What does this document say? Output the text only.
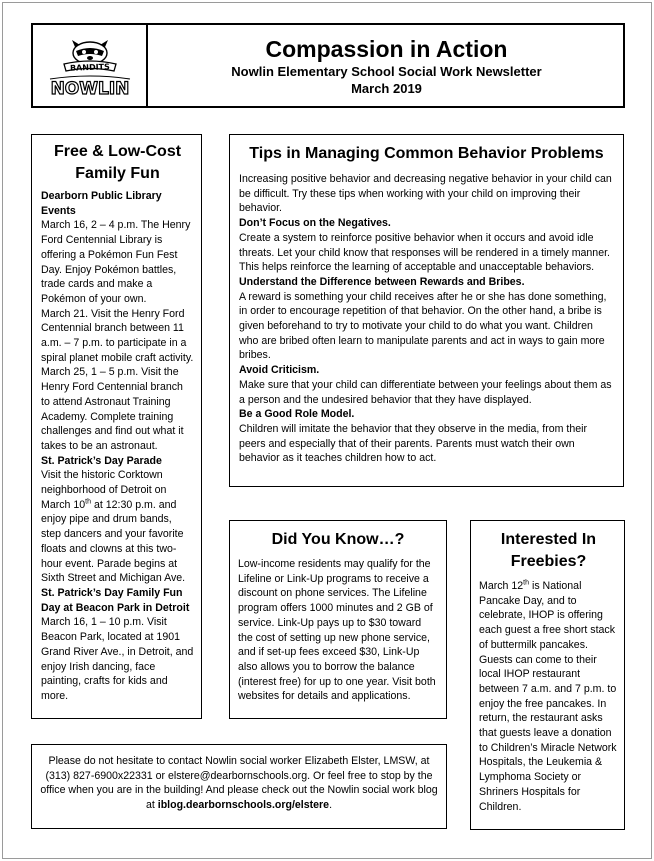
BANDITS
NOWLIN
Compassion in Action
Nowlin Elementary School Social Work Newsletter
March 2019
Free & Low-Cost
Family Fun
Dearborn Public Library Events
March 16, 2 – 4 p.m. The Henry Ford Centennial Library is offering a Pokémon Fun Fest Day. Enjoy Pokémon battles, trade cards and make a Pokémon of your own.
March 21. Visit the Henry Ford Centennial branch between 11 a.m. – 7 p.m. to participate in a spiral planet mobile craft activity.
March 25, 1 – 5 p.m. Visit the Henry Ford Centennial branch to attend Astronaut Training Academy. Complete training challenges and find out what it takes to be an astronaut.
St. Patrick’s Day Parade
Visit the historic Corktown neighborhood of Detroit on March 10th at 12:30 p.m. and enjoy pipe and drum bands, step dancers and your favorite floats and clowns at this two-hour event. Parade begins at Sixth Street and Michigan Ave.
St. Patrick’s Day Family Fun Day at Beacon Park in Detroit
March 16, 1 – 10 p.m. Visit Beacon Park, located at 1901 Grand River Ave., in Detroit, and enjoy Irish dancing, face painting, crafts for kids and more.
Tips in Managing Common Behavior Problems
Increasing positive behavior and decreasing negative behavior in your child can be difficult. Try these tips when working with your child on improving their behavior.
Don’t Focus on the Negatives.
Create a system to reinforce positive behavior when it occurs and avoid idle threats. Let your child know that responses will be rendered in a timely manner. This helps reinforce the learning of acceptable and unacceptable behaviors.
Understand the Difference between Rewards and Bribes.
A reward is something your child receives after he or she has done something, in order to encourage repetition of that behavior. On the other hand, a bribe is given beforehand to try to motivate your child to do what you want. Children who are bribed often learn to manipulate parents and act in ways to gain more bribes.
Avoid Criticism.
Make sure that your child can differentiate between your feelings about them as a person and the undesired behavior that they have displayed.
Be a Good Role Model.
Children will imitate the behavior that they observe in the media, from their peers and especially that of their parents. Parents must watch their own behavior as it teaches children how to act.
Did You Know…?
Low-income residents may qualify for the Lifeline or Link-Up programs to receive a discount on phone services. The Lifeline program offers 1000 minutes and 2 GB of service. Link-Up pays up to $30 toward the cost of setting up new phone service, and if set-up fees exceed $30, Link-Up also allows you to borrow the balance (interest free) for up to one year. Visit both websites for details and applications.
Interested In
Freebies?
March 12th is National Pancake Day, and to celebrate, IHOP is offering each guest a free short stack of buttermilk pancakes. Guests can come to their local IHOP restaurant between 7 a.m. and 7 p.m. to enjoy the free pancakes. In return, the restaurant asks that guests leave a donation to Children’s Miracle Network Hospitals, the Leukemia & Lymphoma Society or Shriners Hospitals for Children.
Please do not hesitate to contact Nowlin social worker Elizabeth Elster, LMSW, at (313) 827-6900x22331 or elstere@dearbornschools.org. Or feel free to stop by the office when you are in the building! And please check out the Nowlin social work blog at iblog.dearbornschools.org/elstere.
